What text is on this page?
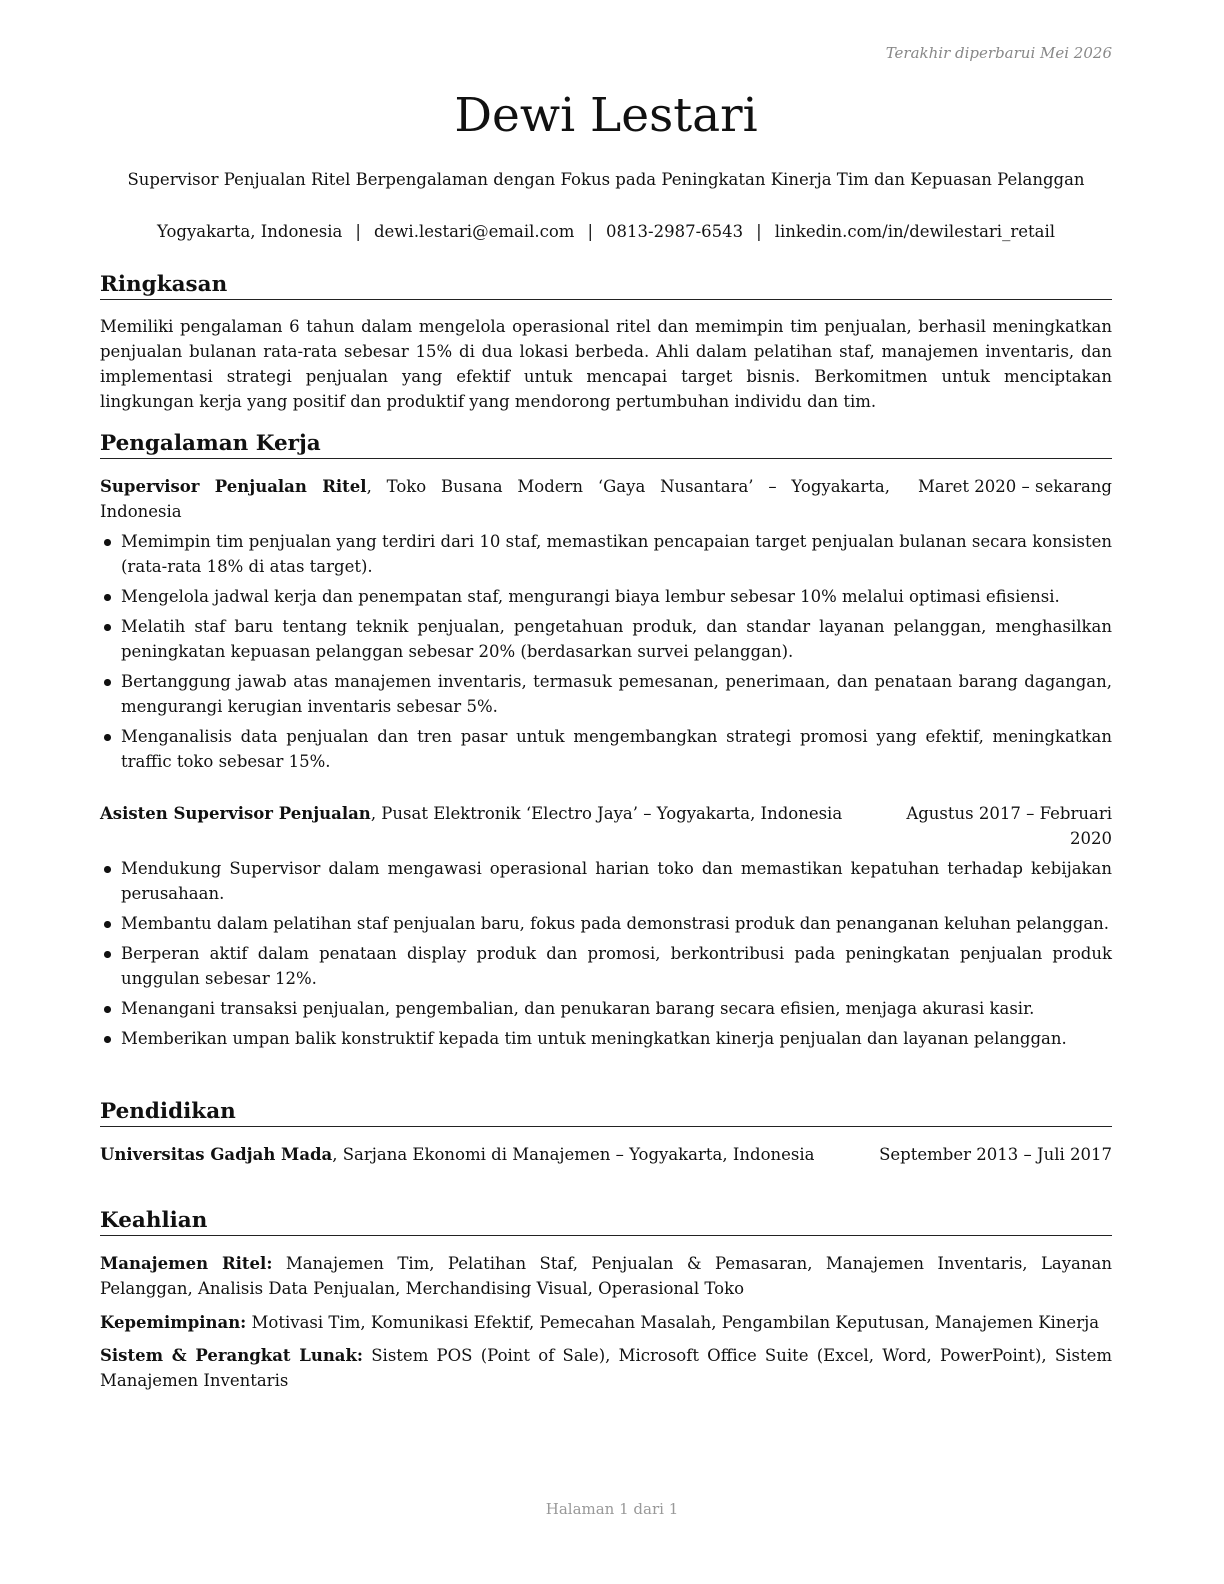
Terakhir diperbarui Mei 2026
Dewi Lestari
Supervisor Penjualan Ritel Berpengalaman dengan Fokus pada Peningkatan Kinerja Tim dan Kepuasan Pelanggan
Yogyakarta, Indonesia | dewi.lestari@email.com | 0813-2987-6543 | linkedin.com/in/dewilestari_retail
Ringkasan
Memiliki pengalaman 6 tahun dalam mengelola operasional ritel dan memimpin tim penjualan, berhasil meningkatkan penjualan bulanan rata-rata sebesar 15% di dua lokasi berbeda. Ahli dalam pelatihan staf, manajemen inventaris, dan implementasi strategi penjualan yang efektif untuk mencapai target bisnis. Berkomitmen untuk menciptakan lingkungan kerja yang positif dan produktif yang mendorong pertumbuhan individu dan tim.
Pengalaman Kerja
Supervisor Penjualan Ritel, Toko Busana Modern ‘Gaya Nusantara’ – Yogyakarta, Indonesia
Maret 2020 – sekarang
Memimpin tim penjualan yang terdiri dari 10 staf, memastikan pencapaian target penjualan bulanan secara konsisten (rata-rata 18% di atas target).
Mengelola jadwal kerja dan penempatan staf, mengurangi biaya lembur sebesar 10% melalui optimasi efisiensi.
Melatih staf baru tentang teknik penjualan, pengetahuan produk, dan standar layanan pelanggan, menghasilkan peningkatan kepuasan pelanggan sebesar 20% (berdasarkan survei pelanggan).
Bertanggung jawab atas manajemen inventaris, termasuk pemesanan, penerimaan, dan penataan barang dagangan, mengurangi kerugian inventaris sebesar 5%.
Menganalisis data penjualan dan tren pasar untuk mengembangkan strategi promosi yang efektif, meningkatkan traffic toko sebesar 15%.
Asisten Supervisor Penjualan, Pusat Elektronik ‘Electro Jaya’ – Yogyakarta, Indonesia	Agustus 2017 – Februari 2020
Mendukung Supervisor dalam mengawasi operasional harian toko dan memastikan kepatuhan terhadap kebijakan perusahaan.
Membantu dalam pelatihan staf penjualan baru, fokus pada demonstrasi produk dan penanganan keluhan pelanggan.
Berperan aktif dalam penataan display produk dan promosi, berkontribusi pada peningkatan penjualan produk unggulan sebesar 12%.
Menangani transaksi penjualan, pengembalian, dan penukaran barang secara efisien, menjaga akurasi kasir.
Memberikan umpan balik konstruktif kepada tim untuk meningkatkan kinerja penjualan dan layanan pelanggan.
Pendidikan
Universitas Gadjah Mada, Sarjana Ekonomi di Manajemen – Yogyakarta, Indonesia	September 2013 – Juli 2017
Keahlian
Manajemen Ritel: Manajemen Tim, Pelatihan Staf, Penjualan & Pemasaran, Manajemen Inventaris, Layanan Pelanggan, Analisis Data Penjualan, Merchandising Visual, Operasional Toko
Kepemimpinan: Motivasi Tim, Komunikasi Efektif, Pemecahan Masalah, Pengambilan Keputusan, Manajemen Kinerja
Sistem & Perangkat Lunak: Sistem POS (Point of Sale), Microsoft Office Suite (Excel, Word, PowerPoint), Sistem Manajemen Inventaris
Halaman 1 dari 1
